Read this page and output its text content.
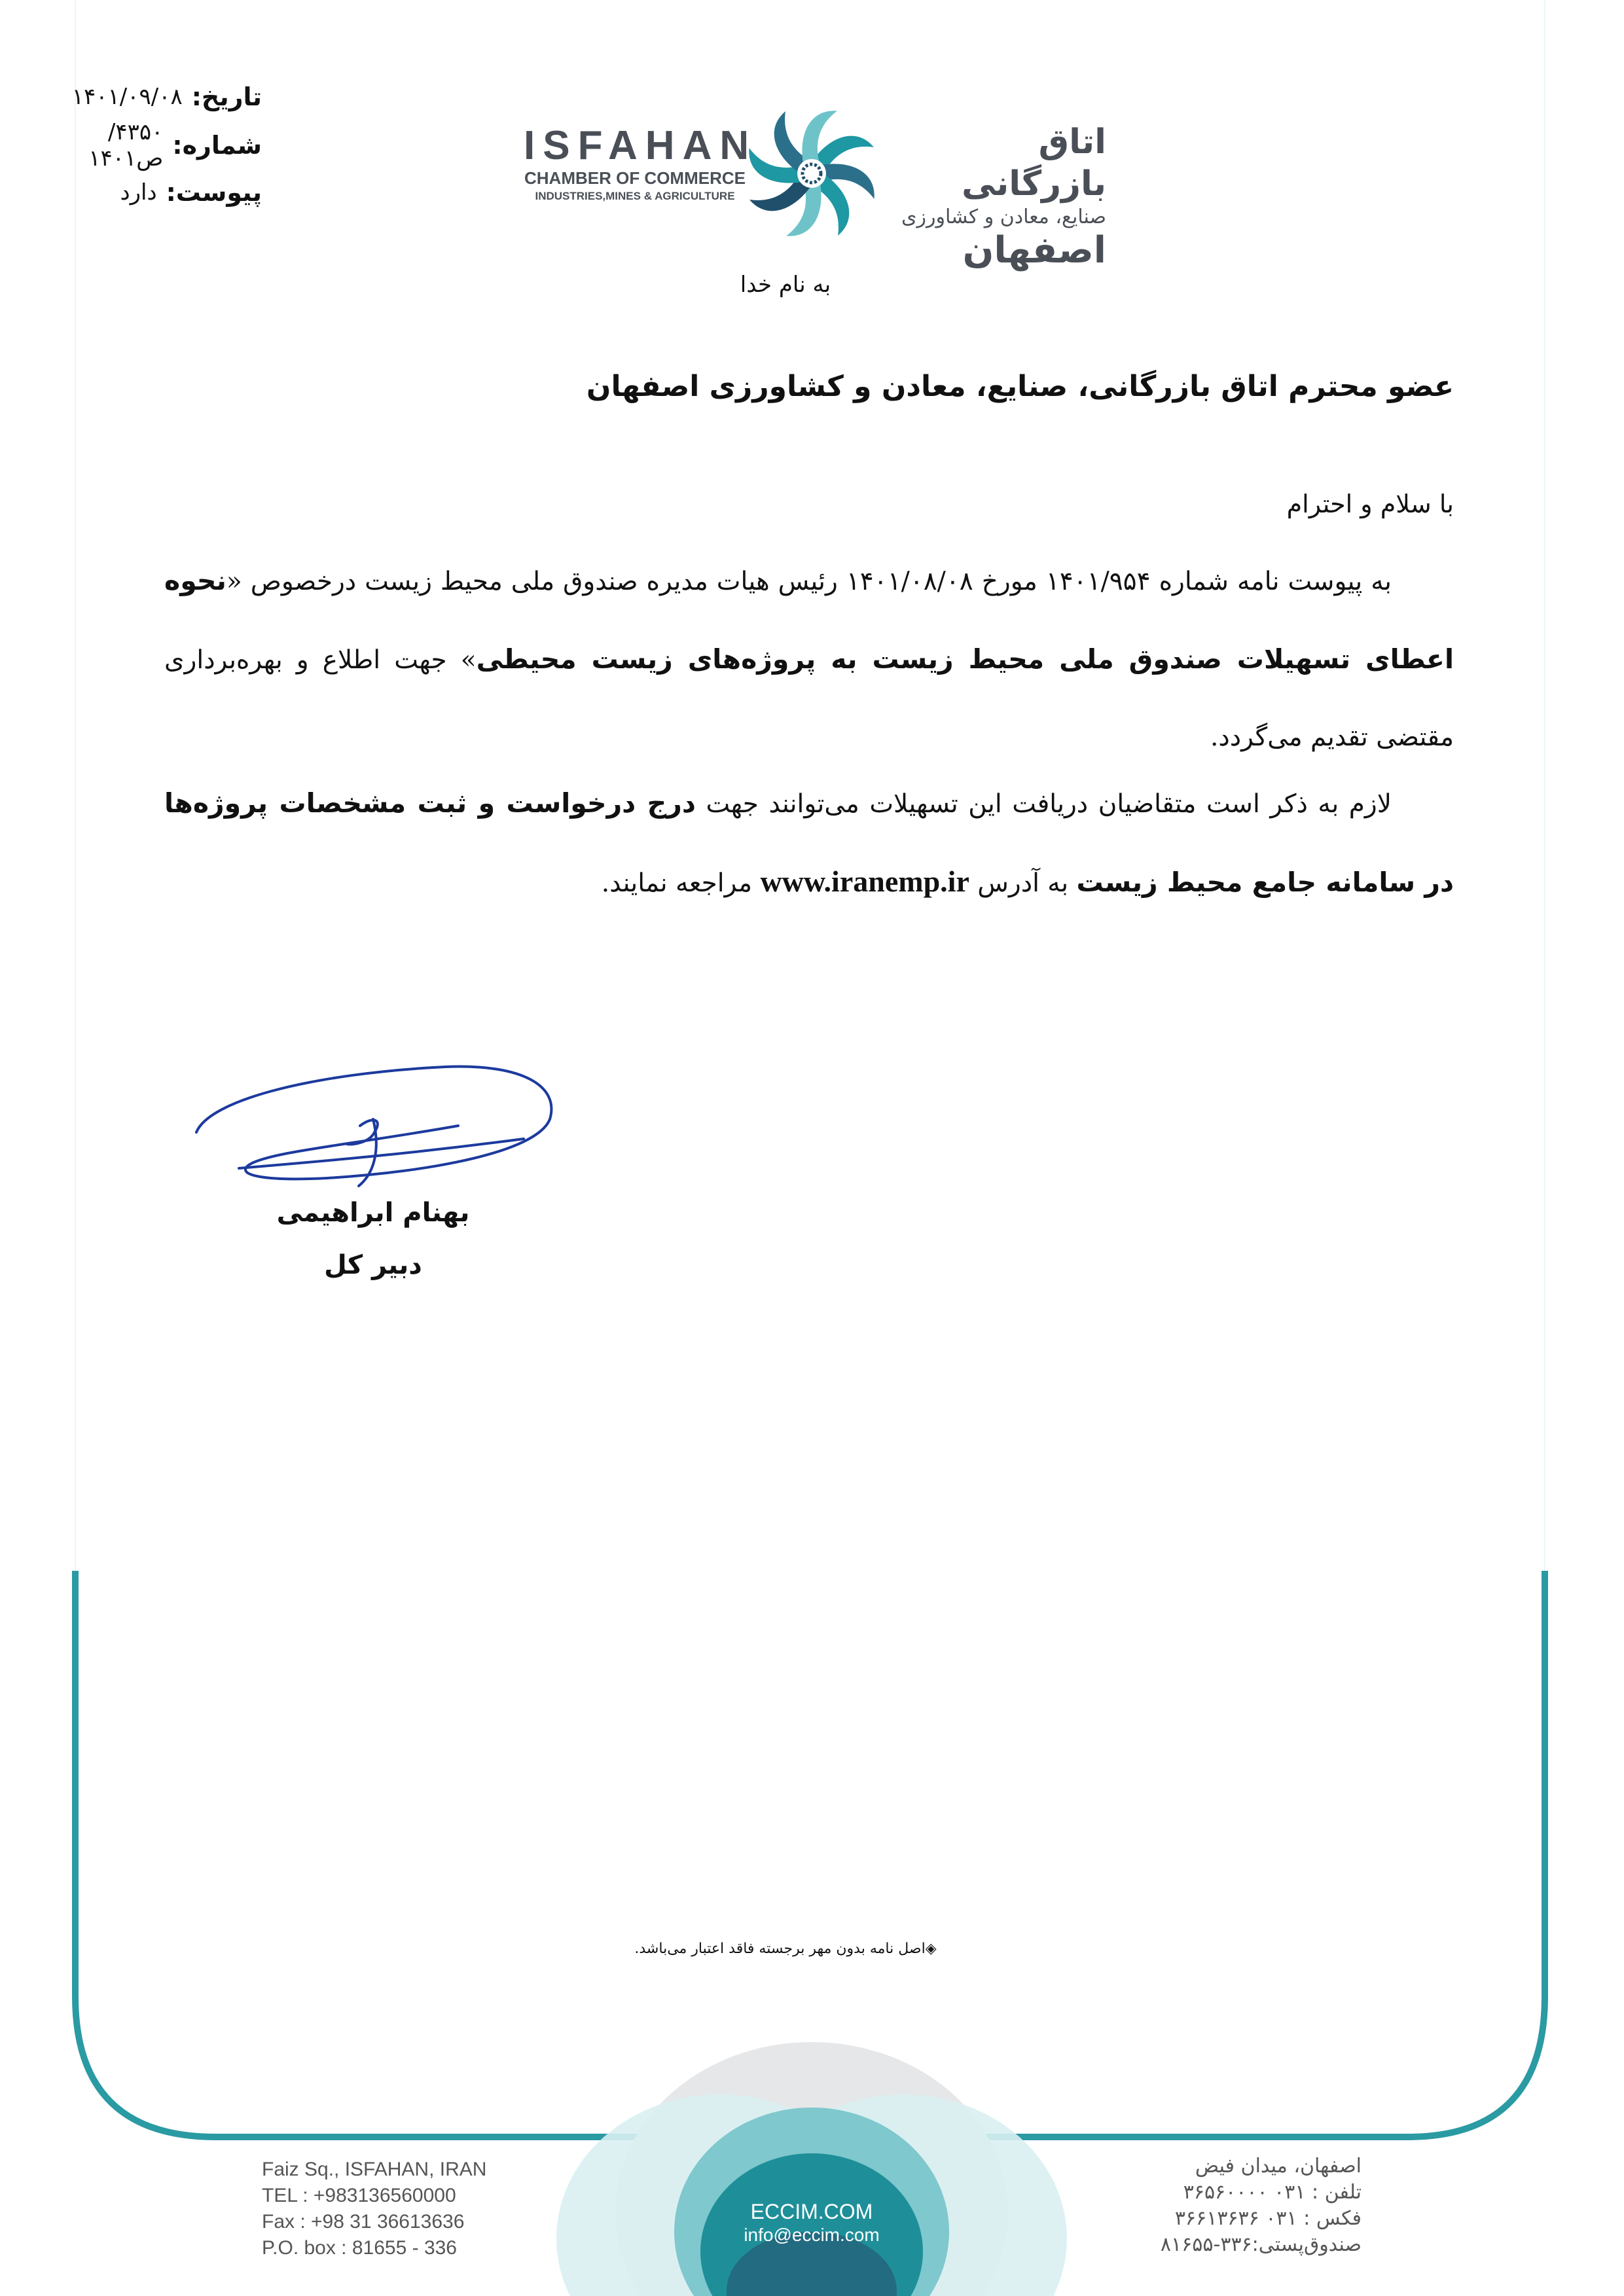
تاریخ:
۱۴۰۱/۰۹/۰۸
شماره:
۴۳۵۰/ص۱۴۰۱
پیوست:
دارد
ISFAHAN
CHAMBER OF COMMERCE
INDUSTRIES,MINES & AGRICULTURE
اتاق بازرگانی
صنایع، معادن و کشاورزی
اصفهان
به نام خدا
عضو محترم اتاق بازرگانی، صنایع، معادن و کشاورزی اصفهان
با سلام و احترام
به پیوست نامه شماره ۱۴۰۱/۹۵۴ مورخ ۱۴۰۱/۰۸/۰۸ رئیس هیات مدیره صندوق ملی محیط زیست درخصوص «نحوه اعطای تسهیلات صندوق ملی محیط زیست به پروژه‌های زیست محیطی» جهت اطلاع و بهره‌برداری مقتضی تقدیم می‌گردد.
لازم به ذکر است متقاضیان دریافت این تسهیلات می‌توانند جهت درج درخواست و ثبت مشخصات پروژه‌ها در سامانه جامع محیط زیست به آدرس www.iranemp.ir مراجعه نمایند.
بهنام ابراهیمی
دبیر کل
◈اصل نامه بدون مهر برجسته فاقد اعتبار می‌باشد.
ECCIM.COM
info@eccim.com
Faiz Sq., ISFAHAN, IRAN
TEL : +983136560000
Fax : +98 31 36613636
P.O. box : 81655 - 336
اصفهان، میدان فیض
تلفن : ۰۳۱ ۳۶۵۶۰۰۰۰
فکس : ۰۳۱ ۳۶۶۱۳۶۳۶
صندوق‌پستی:۳۳۶-۸۱۶۵۵
